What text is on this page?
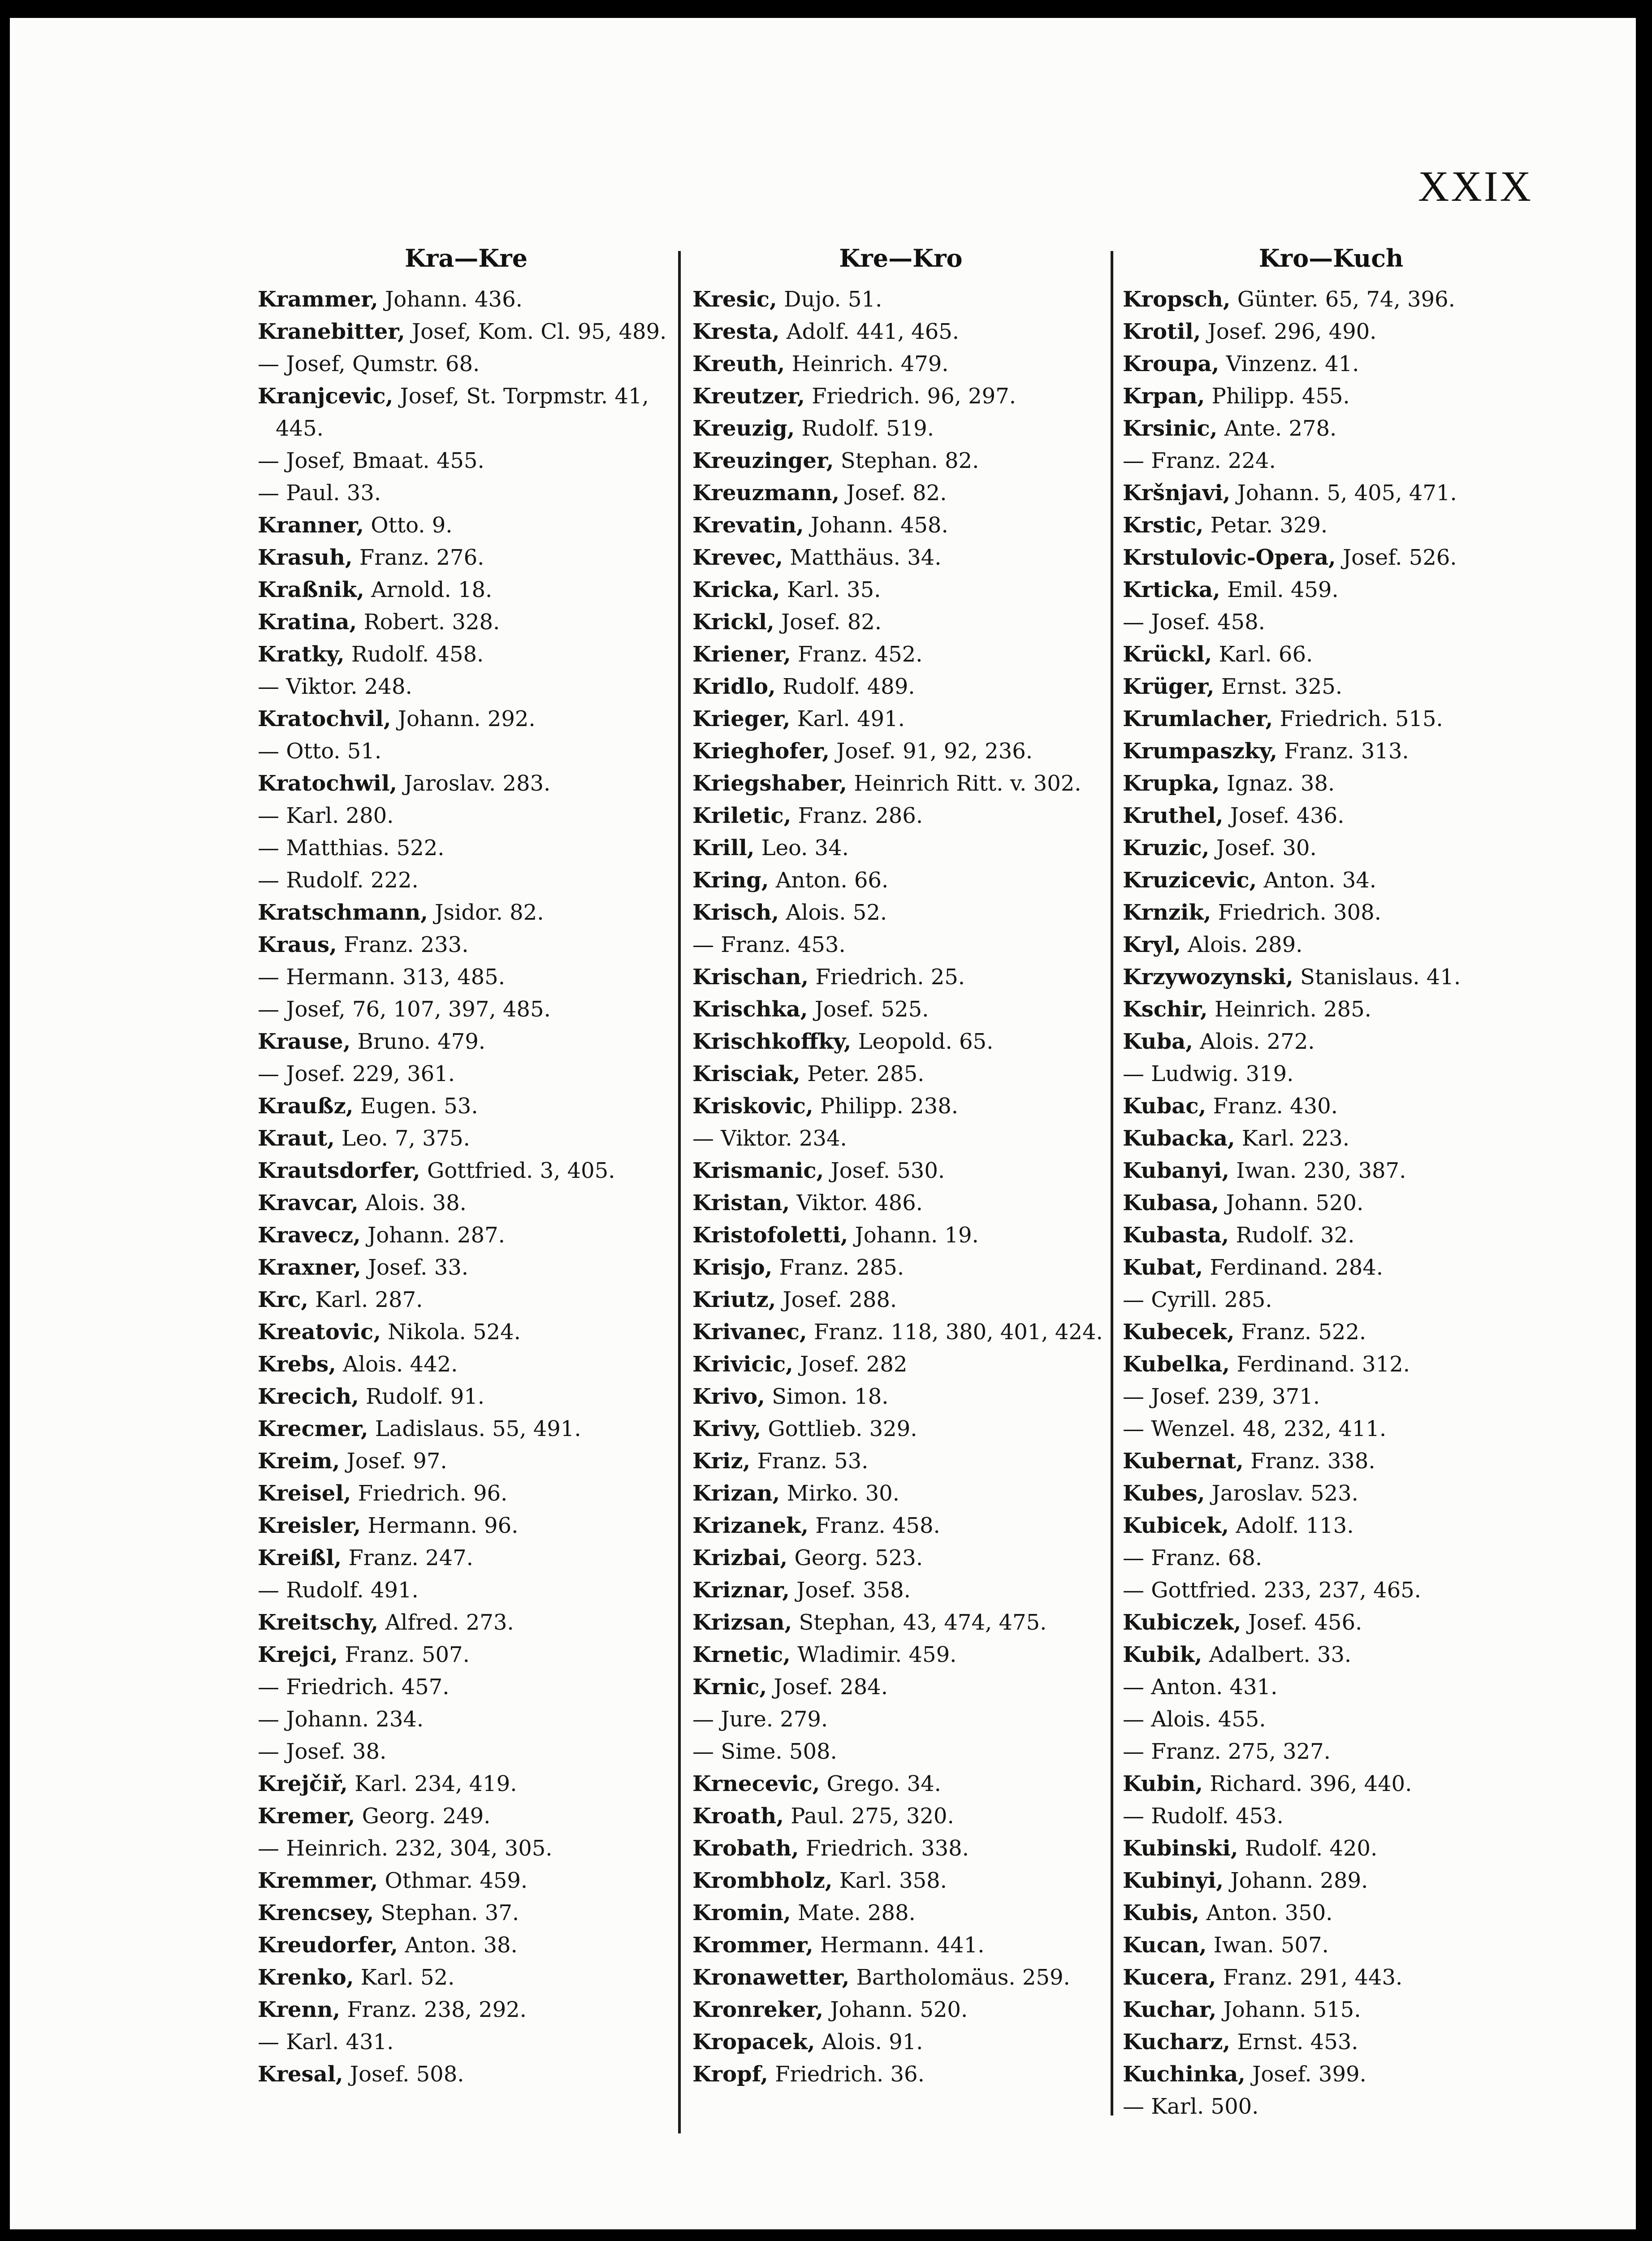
XXIX
Kra—Kre
Krammer, Johann. 436.
Kranebitter, Josef, Kom. Cl. 95, 489.
— Josef, Qumstr. 68.
Kranjcevic, Josef, St. Torpmstr. 41, 445.
— Josef, Bmaat. 455.
— Paul. 33.
Kranner, Otto. 9.
Krasuh, Franz. 276.
Kraßnik, Arnold. 18.
Kratina, Robert. 328.
Kratky, Rudolf. 458.
— Viktor. 248.
Kratochvil, Johann. 292.
— Otto. 51.
Kratochwil, Jaroslav. 283.
— Karl. 280.
— Matthias. 522.
— Rudolf. 222.
Kratschmann, Jsidor. 82.
Kraus, Franz. 233.
— Hermann. 313, 485.
— Josef, 76, 107, 397, 485.
Krause, Bruno. 479.
— Josef. 229, 361.
Kraußz, Eugen. 53.
Kraut, Leo. 7, 375.
Krautsdorfer, Gottfried. 3, 405.
Kravcar, Alois. 38.
Kravecz, Johann. 287.
Kraxner, Josef. 33.
Krc, Karl. 287.
Kreatovic, Nikola. 524.
Krebs, Alois. 442.
Krecich, Rudolf. 91.
Krecmer, Ladislaus. 55, 491.
Kreim, Josef. 97.
Kreisel, Friedrich. 96.
Kreisler, Hermann. 96.
Kreißl, Franz. 247.
— Rudolf. 491.
Kreitschy, Alfred. 273.
Krejci, Franz. 507.
— Friedrich. 457.
— Johann. 234.
— Josef. 38.
Krejčiř, Karl. 234, 419.
Kremer, Georg. 249.
— Heinrich. 232, 304, 305.
Kremmer, Othmar. 459.
Krencsey, Stephan. 37.
Kreudorfer, Anton. 38.
Krenko, Karl. 52.
Krenn, Franz. 238, 292.
— Karl. 431.
Kresal, Josef. 508.
Kre—Kro
Kresic, Dujo. 51.
Kresta, Adolf. 441, 465.
Kreuth, Heinrich. 479.
Kreutzer, Friedrich. 96, 297.
Kreuzig, Rudolf. 519.
Kreuzinger, Stephan. 82.
Kreuzmann, Josef. 82.
Krevatin, Johann. 458.
Krevec, Matthäus. 34.
Kricka, Karl. 35.
Krickl, Josef. 82.
Kriener, Franz. 452.
Kridlo, Rudolf. 489.
Krieger, Karl. 491.
Krieghofer, Josef. 91, 92, 236.
Kriegshaber, Heinrich Ritt. v. 302.
Kriletic, Franz. 286.
Krill, Leo. 34.
Kring, Anton. 66.
Krisch, Alois. 52.
— Franz. 453.
Krischan, Friedrich. 25.
Krischka, Josef. 525.
Krischkoffky, Leopold. 65.
Krisciak, Peter. 285.
Kriskovic, Philipp. 238.
— Viktor. 234.
Krismanic, Josef. 530.
Kristan, Viktor. 486.
Kristofoletti, Johann. 19.
Krisjo, Franz. 285.
Kriutz, Josef. 288.
Krivanec, Franz. 118, 380, 401, 424.
Krivicic, Josef. 282
Krivo, Simon. 18.
Krivy, Gottlieb. 329.
Kriz, Franz. 53.
Krizan, Mirko. 30.
Krizanek, Franz. 458.
Krizbai, Georg. 523.
Kriznar, Josef. 358.
Krizsan, Stephan, 43, 474, 475.
Krnetic, Wladimir. 459.
Krnic, Josef. 284.
— Jure. 279.
— Sime. 508.
Krnecevic, Grego. 34.
Kroath, Paul. 275, 320.
Krobath, Friedrich. 338.
Krombholz, Karl. 358.
Kromin, Mate. 288.
Krommer, Hermann. 441.
Kronawetter, Bartholomäus. 259.
Kronreker, Johann. 520.
Kropacek, Alois. 91.
Kropf, Friedrich. 36.
Kro—Kuch
Kropsch, Günter. 65, 74, 396.
Krotil, Josef. 296, 490.
Kroupa, Vinzenz. 41.
Krpan, Philipp. 455.
Krsinic, Ante. 278.
— Franz. 224.
Kršnjavi, Johann. 5, 405, 471.
Krstic, Petar. 329.
Krstulovic-Opera, Josef. 526.
Krticka, Emil. 459.
— Josef. 458.
Krückl, Karl. 66.
Krüger, Ernst. 325.
Krumlacher, Friedrich. 515.
Krumpaszky, Franz. 313.
Krupka, Ignaz. 38.
Kruthel, Josef. 436.
Kruzic, Josef. 30.
Kruzicevic, Anton. 34.
Krnzik, Friedrich. 308.
Kryl, Alois. 289.
Krzywozynski, Stanislaus. 41.
Kschir, Heinrich. 285.
Kuba, Alois. 272.
— Ludwig. 319.
Kubac, Franz. 430.
Kubacka, Karl. 223.
Kubanyi, Iwan. 230, 387.
Kubasa, Johann. 520.
Kubasta, Rudolf. 32.
Kubat, Ferdinand. 284.
— Cyrill. 285.
Kubecek, Franz. 522.
Kubelka, Ferdinand. 312.
— Josef. 239, 371.
— Wenzel. 48, 232, 411.
Kubernat, Franz. 338.
Kubes, Jaroslav. 523.
Kubicek, Adolf. 113.
— Franz. 68.
— Gottfried. 233, 237, 465.
Kubiczek, Josef. 456.
Kubik, Adalbert. 33.
— Anton. 431.
— Alois. 455.
— Franz. 275, 327.
Kubin, Richard. 396, 440.
— Rudolf. 453.
Kubinski, Rudolf. 420.
Kubinyi, Johann. 289.
Kubis, Anton. 350.
Kucan, Iwan. 507.
Kucera, Franz. 291, 443.
Kuchar, Johann. 515.
Kucharz, Ernst. 453.
Kuchinka, Josef. 399.
— Karl. 500.
